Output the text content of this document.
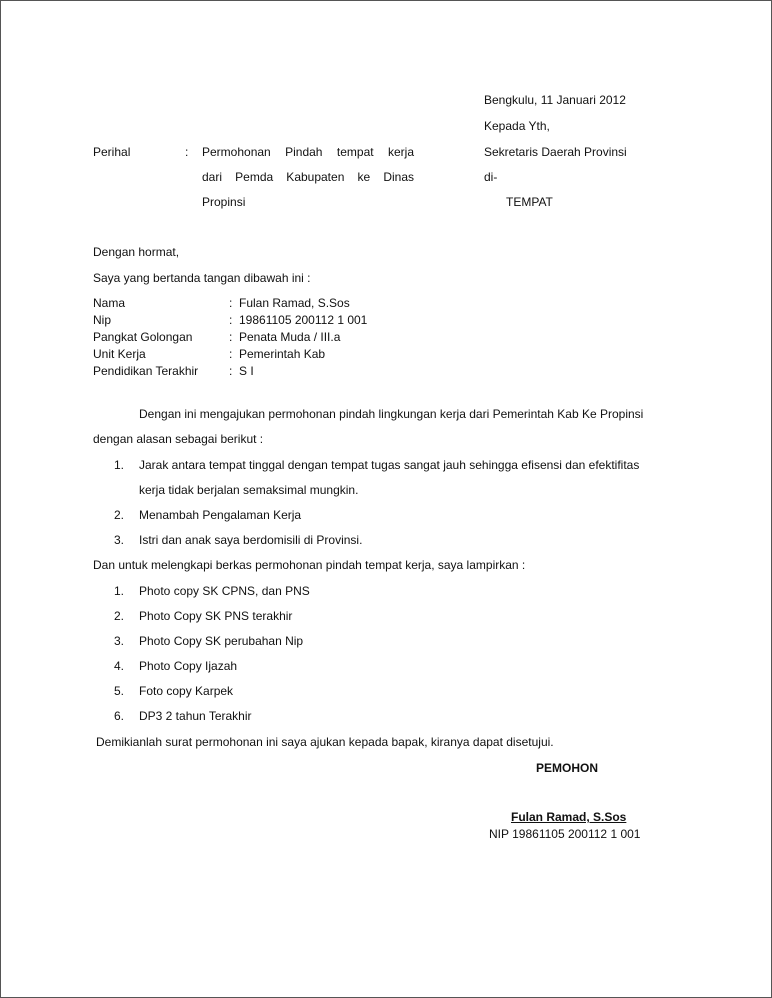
Bengkulu, 11 Januari 2012
Kepada Yth,
Sekretaris Daerah Provinsi
di-
TEMPAT
Perihal	: Permohonan Pindah tempat kerja
dari Pemda Kabupaten ke Dinas
Propinsi
Dengan hormat,
Saya yang bertanda tangan dibawah ini :
Nama	: Fulan Ramad, S.Sos
Nip	: 19861105 200112 1 001
Pangkat Golongan	: Penata Muda / III.a
Unit Kerja	: Pemerintah Kab
Pendidikan Terakhir	: S I
Dengan ini mengajukan permohonan pindah lingkungan kerja dari Pemerintah Kab Ke Propinsi
dengan alasan sebagai berikut :
1. Jarak antara tempat tinggal dengan tempat tugas sangat jauh sehingga efisensi dan efektifitas
kerja tidak berjalan semaksimal mungkin.
2. Menambah Pengalaman Kerja
3. Istri dan anak saya berdomisili di Provinsi.
Dan untuk melengkapi berkas permohonan pindah tempat kerja, saya lampirkan :
1. Photo copy SK CPNS, dan PNS
2. Photo Copy SK PNS terakhir
3. Photo Copy SK perubahan Nip
4. Photo Copy Ijazah
5. Foto copy Karpek
6. DP3 2 tahun Terakhir
Demikianlah surat permohonan ini saya ajukan kepada bapak, kiranya dapat disetujui.
PEMOHON
Fulan Ramad, S.Sos
NIP 19861105 200112 1 001
